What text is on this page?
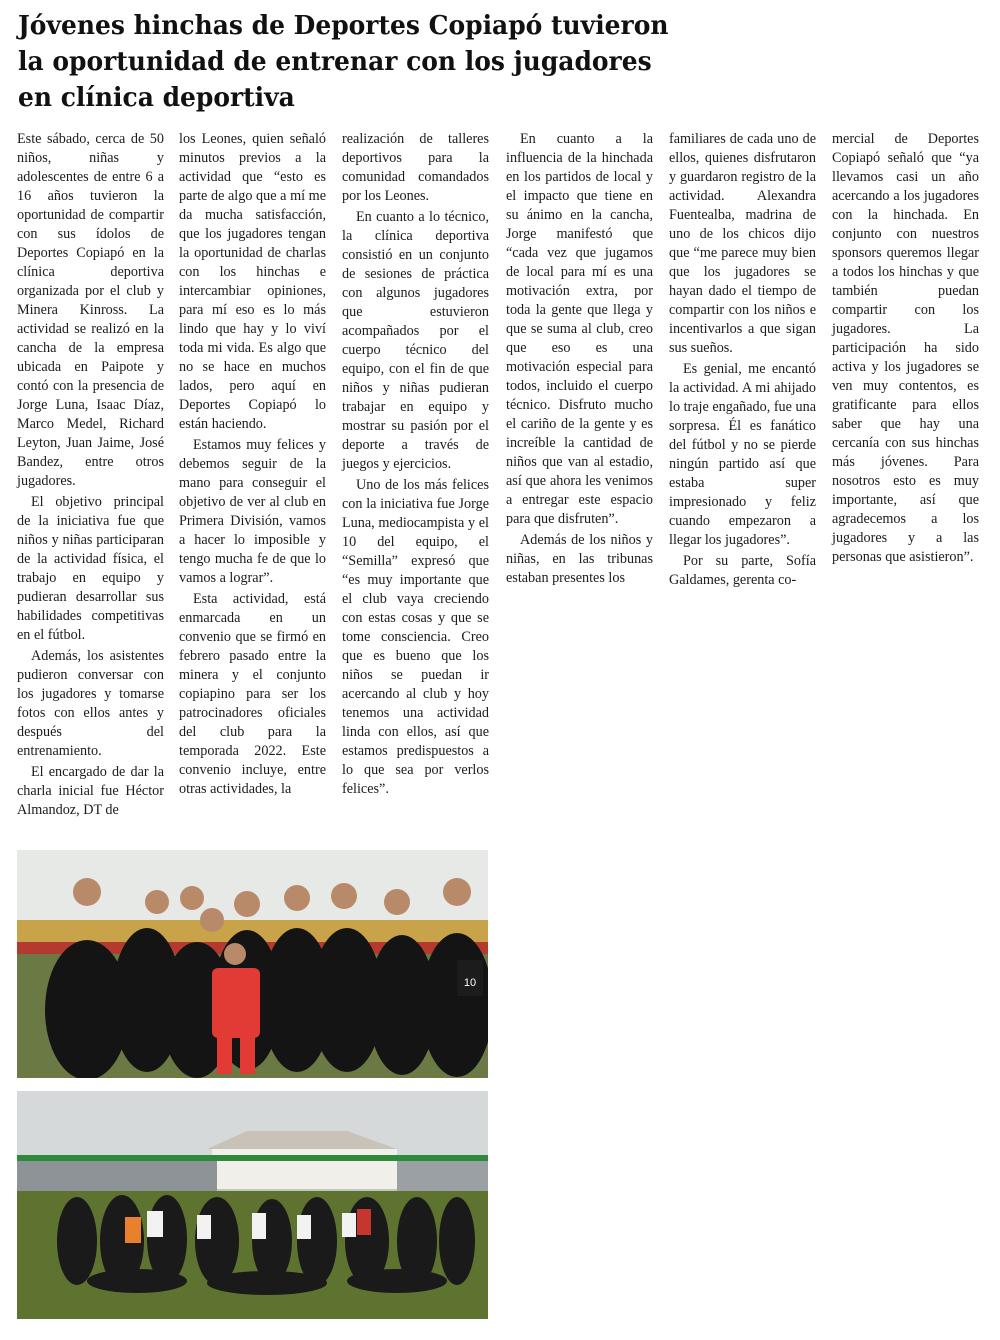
Jóvenes hinchas de Deportes Copiapó tuvieron la oportunidad de entrenar con los jugadores en clínica deportiva

Este sábado, cerca de 50 niños, niñas y adolescentes de entre 6 a 16 años tuvieron la oportunidad de compartir con sus ídolos de Deportes Copiapó en la clínica deportiva organizada por el club y Minera Kinross. La actividad se realizó en la cancha de la empresa ubicada en Paipote y contó con la presencia de Jorge Luna, Isaac Díaz, Marco Medel, Richard Leyton, Juan Jaime, José Bandez, entre otros jugadores.

El objetivo principal de la iniciativa fue que niños y niñas participaran de la actividad física, el trabajo en equipo y pudieran desarrollar sus habilidades competitivas en el fútbol.

Además, los asistentes pudieron conversar con los jugadores y tomarse fotos con ellos antes y después del entrenamiento.

El encargado de dar la charla inicial fue Héctor Almandoz, DT de

los Leones, quien señaló minutos previos a la actividad que “esto es parte de algo que a mí me da mucha satisfacción, que los jugadores tengan la oportunidad de charlas con los hinchas e intercambiar opiniones, para mí eso es lo más lindo que hay y lo viví toda mi vida. Es algo que no se hace en muchos lados, pero aquí en Deportes Copiapó lo están haciendo.

Estamos muy felices y debemos seguir de la mano para conseguir el objetivo de ver al club en Primera División, vamos a hacer lo imposible y tengo mucha fe de que lo vamos a lograr”.

Esta actividad, está enmarcada en un convenio que se firmó en febrero pasado entre la minera y el conjunto copiapino para ser los patrocinadores oficiales del club para la temporada 2022. Este convenio incluye, entre otras actividades, la

realización de talleres deportivos para la comunidad comandados por los Leones.

En cuanto a lo técnico, la clínica deportiva consistió en un conjunto de sesiones de práctica con algunos jugadores que estuvieron acompañados por el cuerpo técnico del equipo, con el fin de que niños y niñas pudieran trabajar en equipo y mostrar su pasión por el deporte a través de juegos y ejercicios.

Uno de los más felices con la iniciativa fue Jorge Luna, mediocampista y el 10 del equipo, el “Semilla” expresó que “es muy importante que el club vaya creciendo con estas cosas y que se tome consciencia. Creo que es bueno que los niños se puedan ir acercando al club y hoy tenemos una actividad linda con ellos, así que estamos predispuestos a lo que sea por verlos felices”.

En cuanto a la influencia de la hinchada en los partidos de local y el impacto que tiene en su ánimo en la cancha, Jorge manifestó que “cada vez que jugamos de local para mí es una motivación extra, por toda la gente que llega y que se suma al club, creo que eso es una motivación especial para todos, incluido el cuerpo técnico. Disfruto mucho el cariño de la gente y es increíble la cantidad de niños que van al estadio, así que ahora les venimos a entregar este espacio para que disfruten”.

Además de los niños y niñas, en las tribunas estaban presentes los

familiares de cada uno de ellos, quienes disfrutaron y guardaron registro de la actividad. Alexandra Fuentealba, madrina de uno de los chicos dijo que “me parece muy bien que los jugadores se hayan dado el tiempo de compartir con los niños e incentivarlos a que sigan sus sueños.

Es genial, me encantó la actividad. A mi ahijado lo traje engañado, fue una sorpresa. Él es fanático del fútbol y no se pierde ningún partido así que estaba super impresionado y feliz cuando empezaron a llegar los jugadores”.

Por su parte, Sofía Galdames, gerenta co-

mercial de Deportes Copiapó señaló que “ya llevamos casi un año acercando a los jugadores con la hinchada. En conjunto con nuestros sponsors queremos llegar a todos los hinchas y que también puedan compartir con los jugadores. La participación ha sido activa y los jugadores se ven muy contentos, es gratificante para ellos saber que hay una cercanía con sus hinchas más jóvenes. Para nosotros esto es muy importante, así que agradecemos a los jugadores y a las personas que asistieron”.

10
